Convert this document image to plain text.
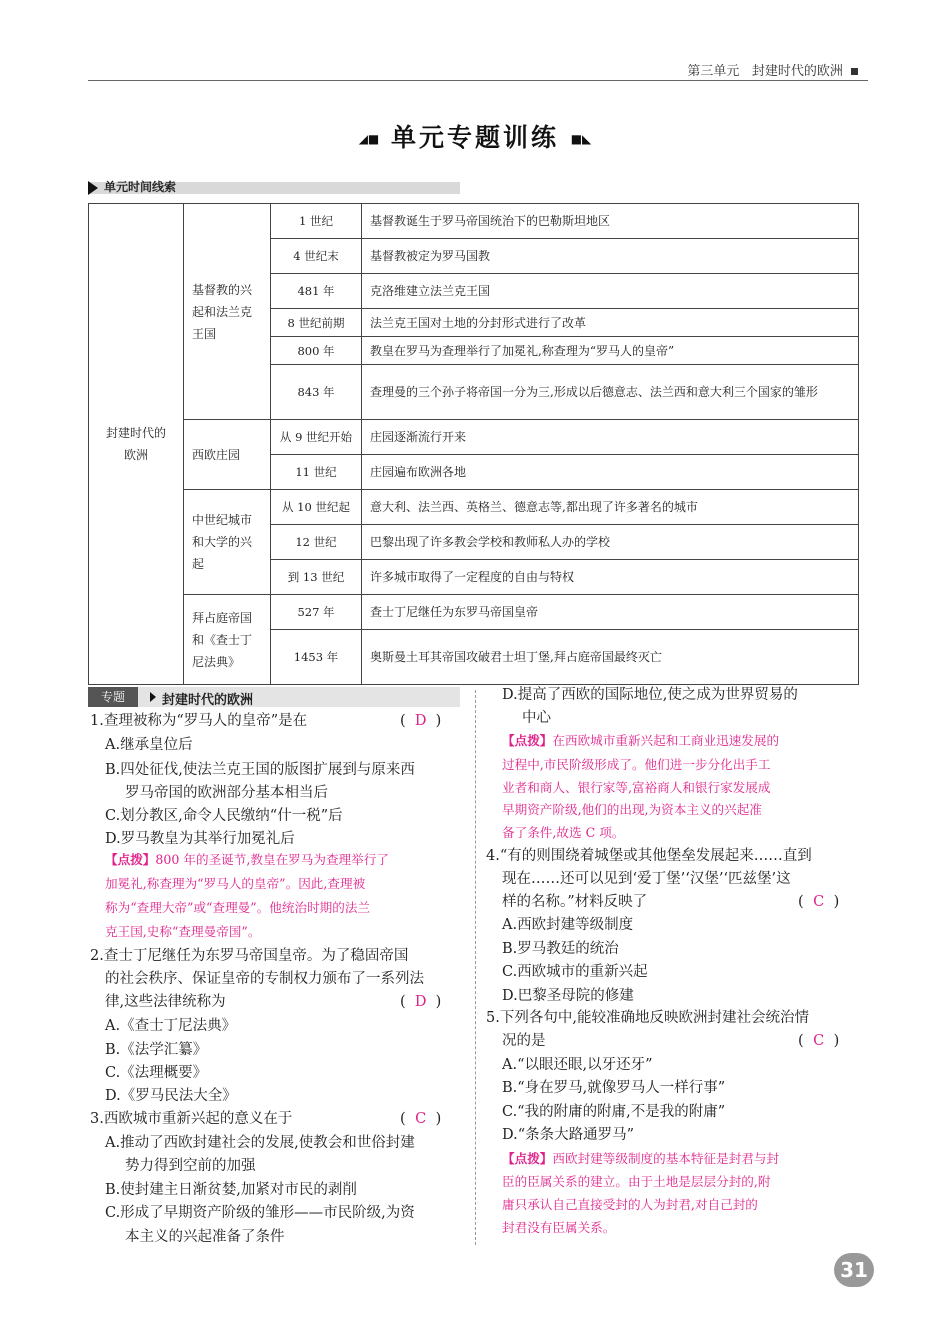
第三单元 封建时代的欧洲
◢■ 单元专题训练 ■◣
单元时间线索
封建时代的欧洲	基督教的兴起和法兰克王国	1 世纪	基督教诞生于罗马帝国统治下的巴勒斯坦地区
		4 世纪末	基督教被定为罗马国教
		481 年	克洛维建立法兰克王国
		8 世纪前期	法兰克王国对土地的分封形式进行了改革
		800 年	教皇在罗马为查理举行了加冕礼,称查理为“罗马人的皇帝”
		843 年	查理曼的三个孙子将帝国一分为三,形成以后德意志、法兰西和意大利三个国家的雏形
	西欧庄园	从 9 世纪开始	庄园逐渐流行开来
		11 世纪	庄园遍布欧洲各地
	中世纪城市和大学的兴起	从 10 世纪起	意大利、法兰西、英格兰、德意志等,都出现了许多著名的城市
		12 世纪	巴黎出现了许多教会学校和教师私人办的学校
		到 13 世纪	许多城市取得了一定程度的自由与特权
	拜占庭帝国和《查士丁尼法典》	527 年	查士丁尼继任为东罗马帝国皇帝
		1453 年	奥斯曼土耳其帝国攻破君士坦丁堡,拜占庭帝国最终灭亡
专题	封建时代的欧洲
1.查理被称为“罗马人的皇帝”是在
A.继承皇位后
B.四处征伐,使法兰克王国的版图扩展到与原来西
罗马帝国的欧洲部分基本相当后
C.划分教区,命令人民缴纳“什一税”后
D.罗马教皇为其举行加冕礼后
2.查士丁尼继任为东罗马帝国皇帝。为了稳固帝国
的社会秩序、保证皇帝的专制权力颁布了一系列法
律,这些法律统称为
A.《查士丁尼法典》
B.《法学汇纂》
C.《法理概要》
D.《罗马民法大全》
3.西欧城市重新兴起的意义在于
A.推动了西欧封建社会的发展,使教会和世俗封建
势力得到空前的加强
B.使封建主日渐贫婪,加紧对市民的剥削
C.形成了早期资产阶级的雏形——市民阶级,为资
本主义的兴起准备了条件
【点拨】800 年的圣诞节,教皇在罗马为查理举行了
加冕礼,称查理为“罗马人的皇帝”。因此,查理被
称为“查理大帝”或“查理曼”。他统治时期的法兰
克王国,史称“查理曼帝国”。
D.提高了西欧的国际地位,使之成为世界贸易的
中心
4.“有的则围绕着城堡或其他堡垒发展起来……直到
现在……还可以见到‘爱丁堡’‘汉堡’‘匹兹堡’这
样的名称。”材料反映了
A.西欧封建等级制度
B.罗马教廷的统治
C.西欧城市的重新兴起
D.巴黎圣母院的修建
5.下列各句中,能较准确地反映欧洲封建社会统治情
况的是
A.“以眼还眼,以牙还牙”
B.“身在罗马,就像罗马人一样行事”
C.“我的附庸的附庸,不是我的附庸”
D.“条条大路通罗马”
【点拨】在西欧城市重新兴起和工商业迅速发展的
过程中,市民阶级形成了。他们进一步分化出手工
业者和商人、银行家等,富裕商人和银行家发展成
早期资产阶级,他们的出现,为资本主义的兴起准
备了条件,故选 C 项。
【点拨】西欧封建等级制度的基本特征是封君与封
臣的臣属关系的建立。由于土地是层层分封的,附
庸只承认自己直接受封的人为封君,对自己封的
封君没有臣属关系。
( D )
( D )
( C )
( C )
( C )
31
